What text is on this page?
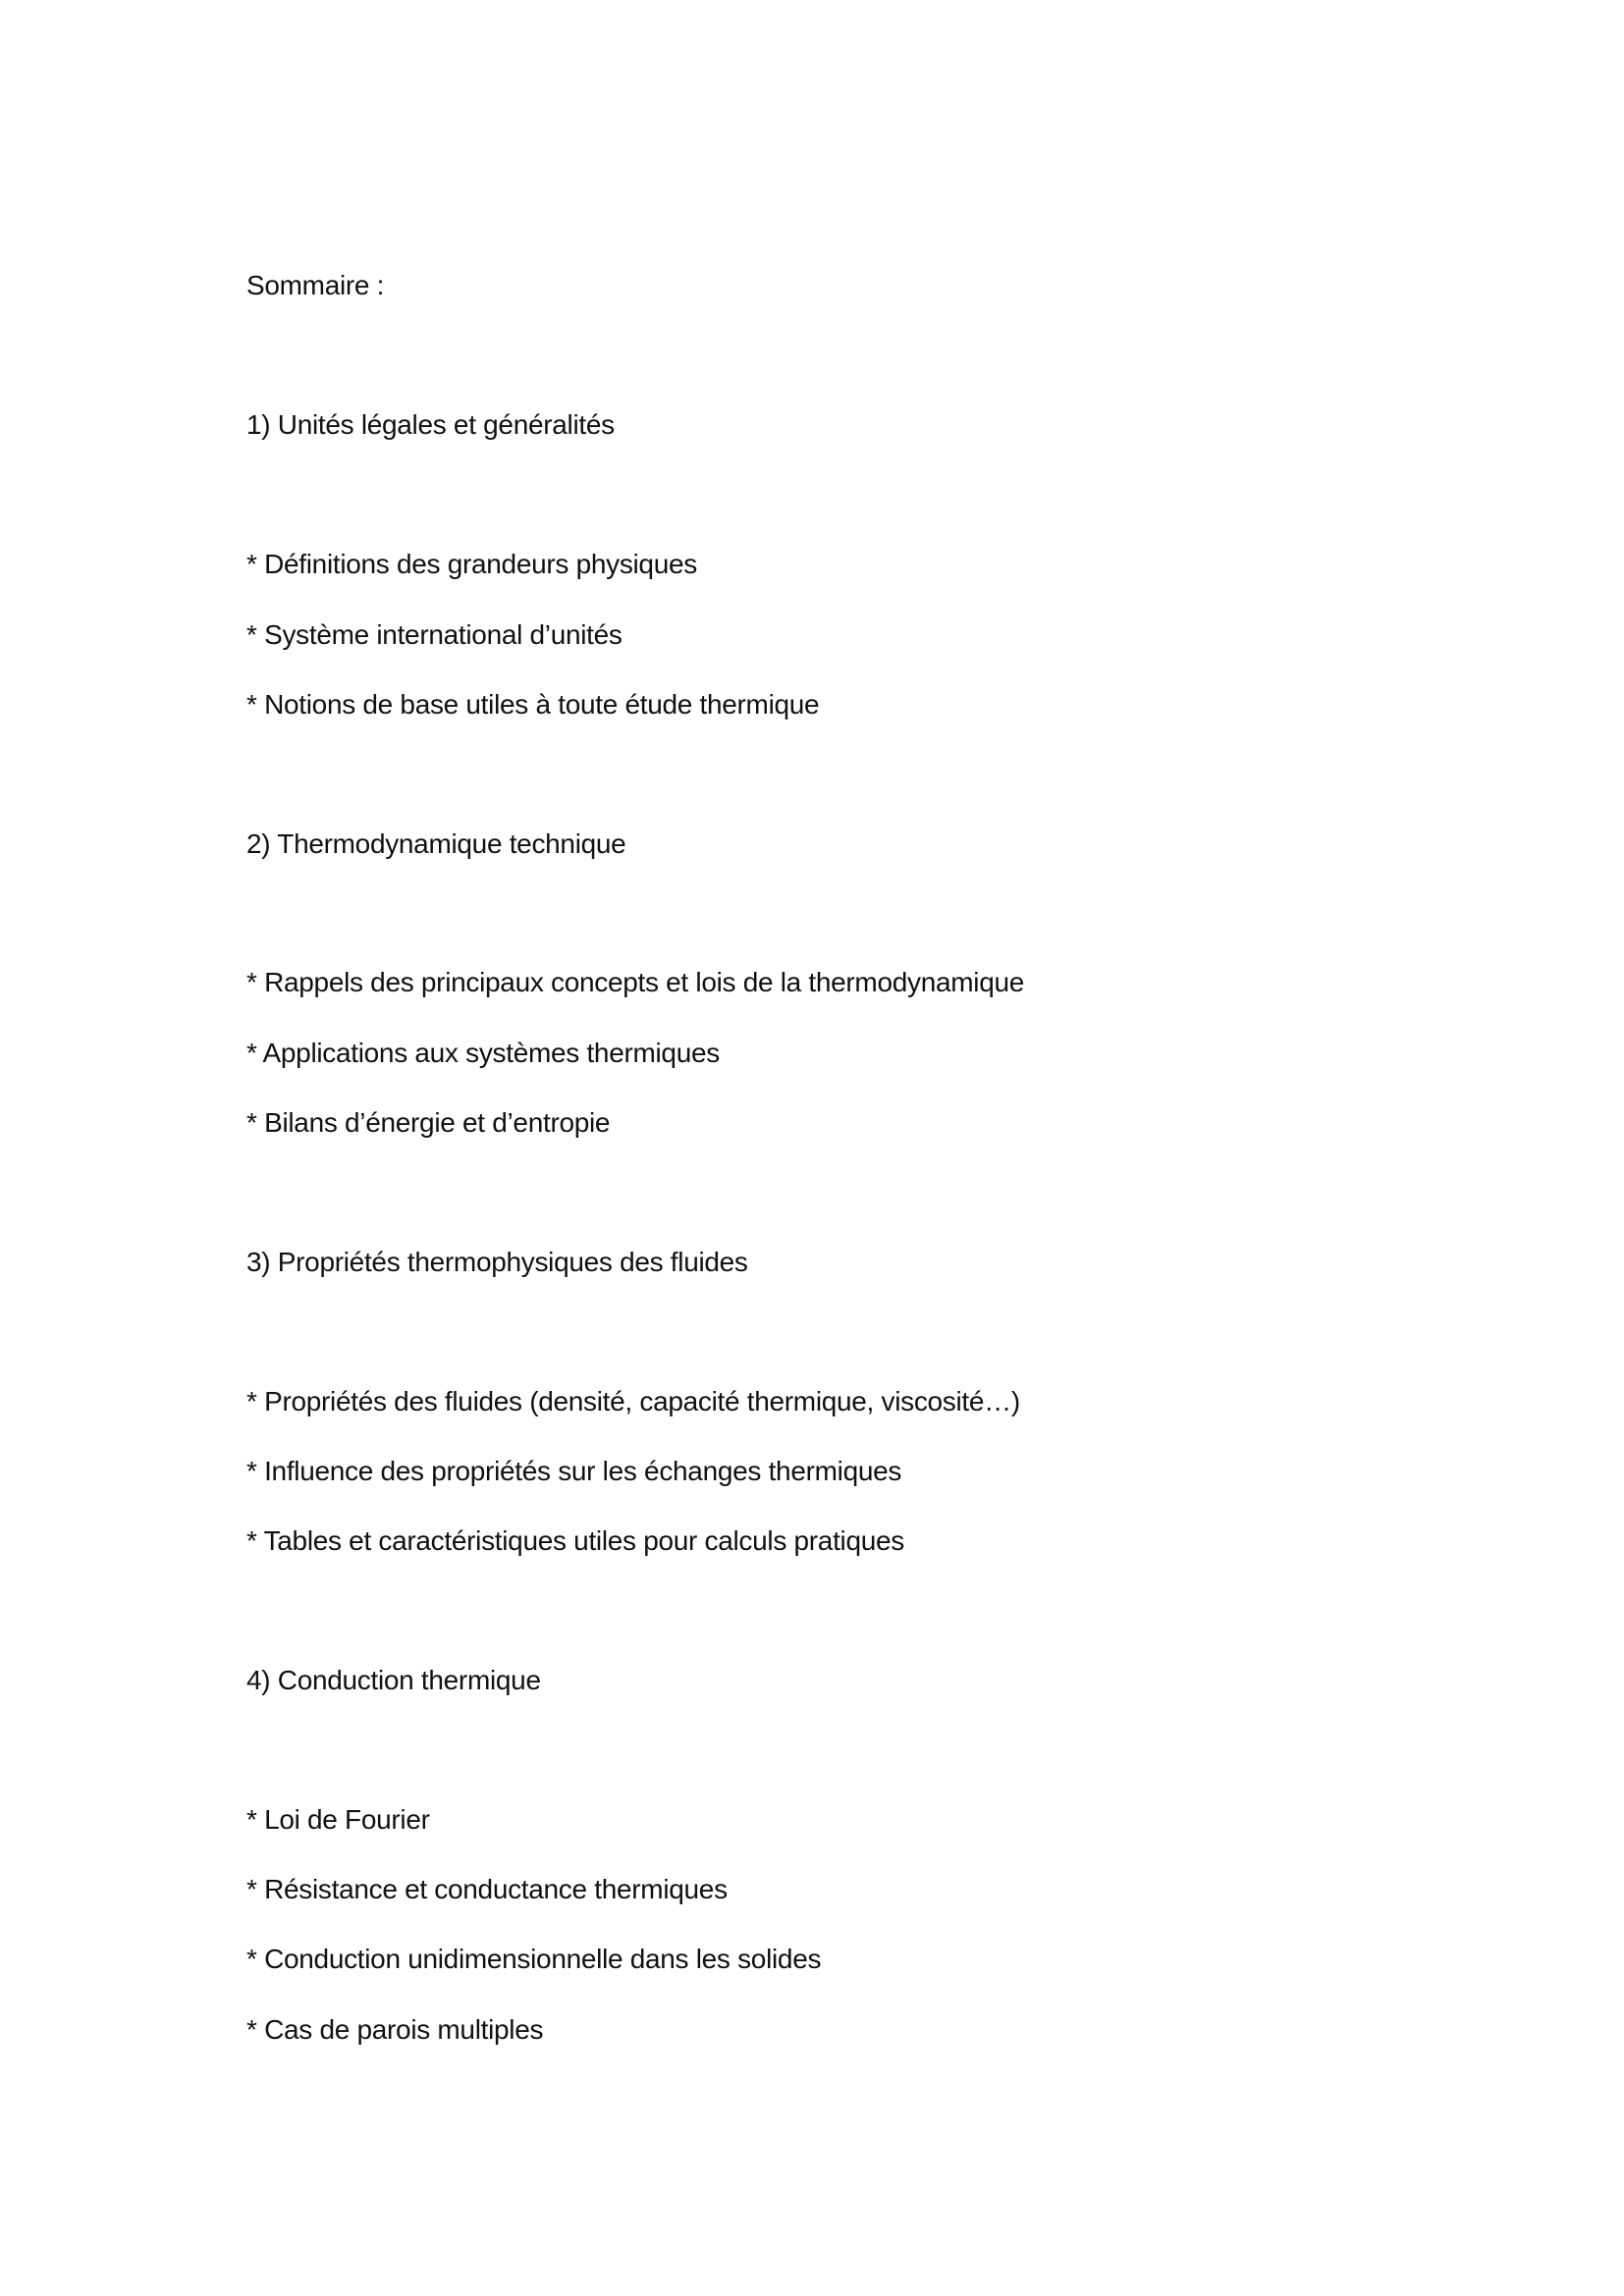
Sommaire :
1) Unités légales et généralités
* Définitions des grandeurs physiques
* Système international d’unités
* Notions de base utiles à toute étude thermique
2) Thermodynamique technique
* Rappels des principaux concepts et lois de la thermodynamique
* Applications aux systèmes thermiques
* Bilans d’énergie et d’entropie
3) Propriétés thermophysiques des fluides
* Propriétés des fluides (densité, capacité thermique, viscosité…)
* Influence des propriétés sur les échanges thermiques
* Tables et caractéristiques utiles pour calculs pratiques
4) Conduction thermique
* Loi de Fourier
* Résistance et conductance thermiques
* Conduction unidimensionnelle dans les solides
* Cas de parois multiples
